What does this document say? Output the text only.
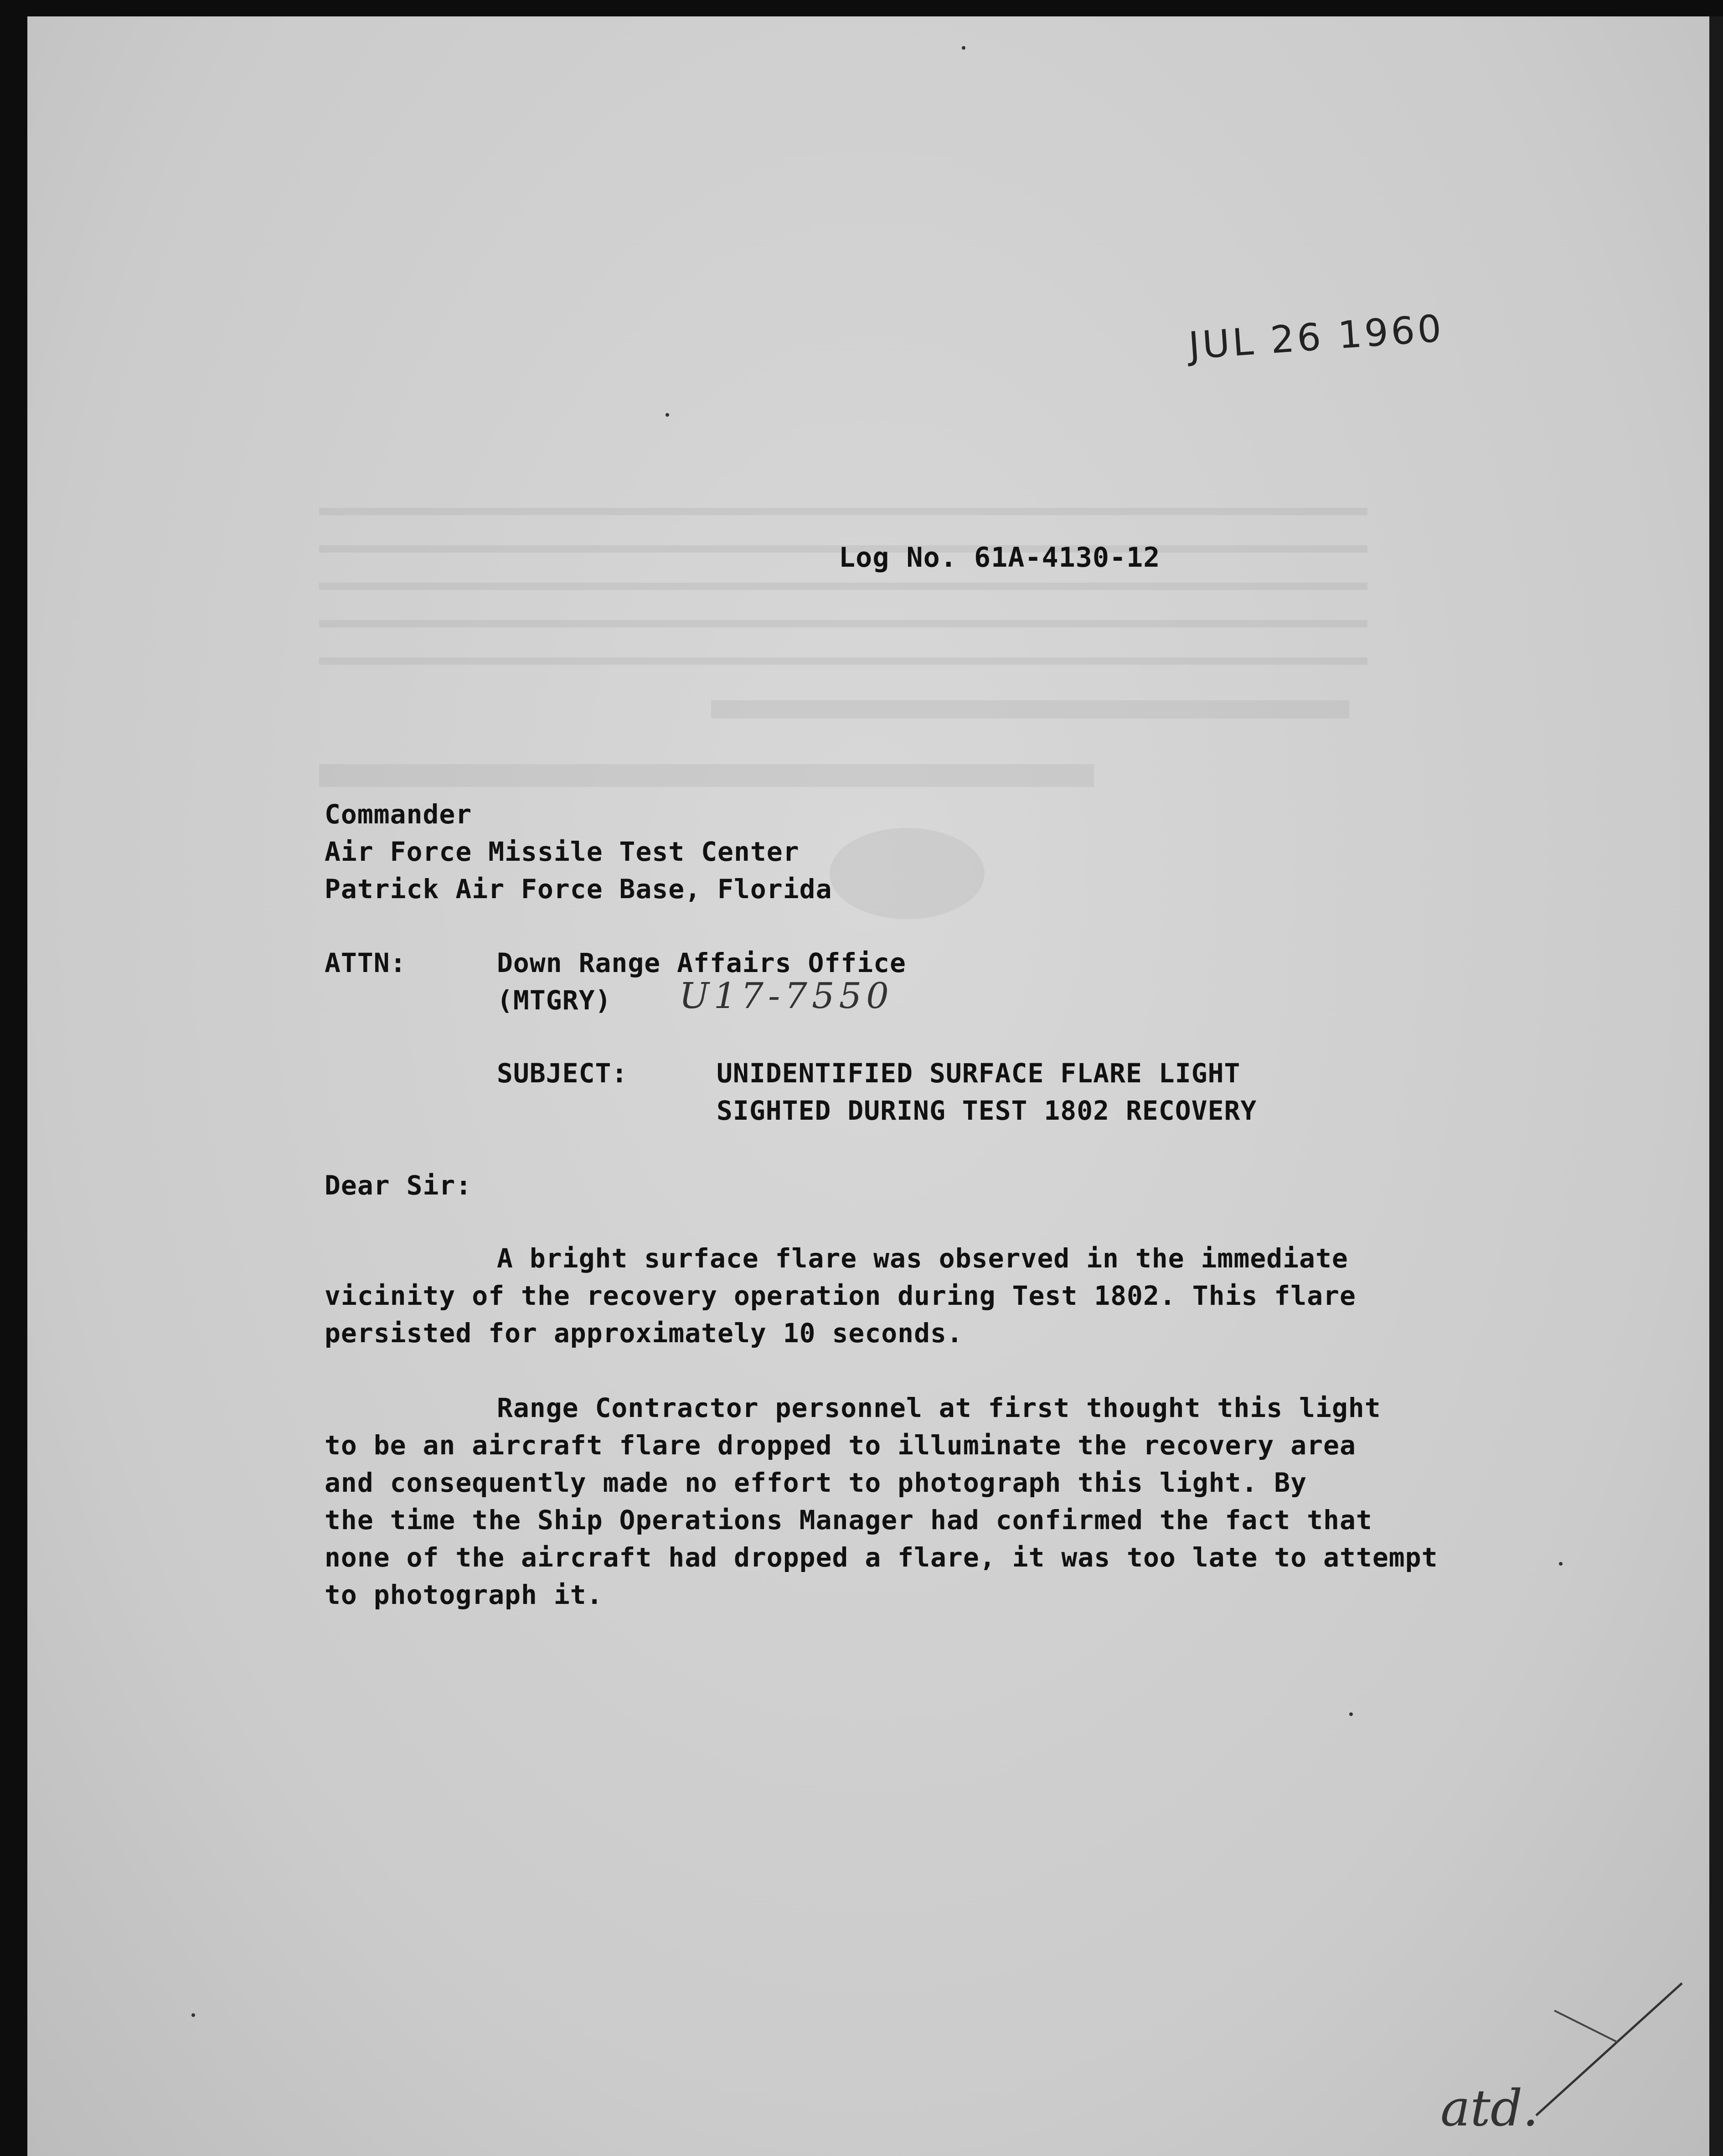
JUL 26 1960
Log No. 61A-4130-12
Commander
Air Force Missile Test Center
Patrick Air Force Base, Florida
ATTN:	Down Range Affairs Office
(MTGRY) U17-7550
SUBJECT:	UNIDENTIFIED SURFACE FLARE LIGHT
SIGHTED DURING TEST 1802 RECOVERY
Dear Sir:
A bright surface flare was observed in the immediate
vicinity of the recovery operation during Test 1802. This flare
persisted for approximately 10 seconds.
Range Contractor personnel at first thought this light
to be an aircraft flare dropped to illuminate the recovery area
and consequently made no effort to photograph this light. By
the time the Ship Operations Manager had confirmed the fact that
none of the aircraft had dropped a flare, it was too late to attempt
to photograph it.
atd.
